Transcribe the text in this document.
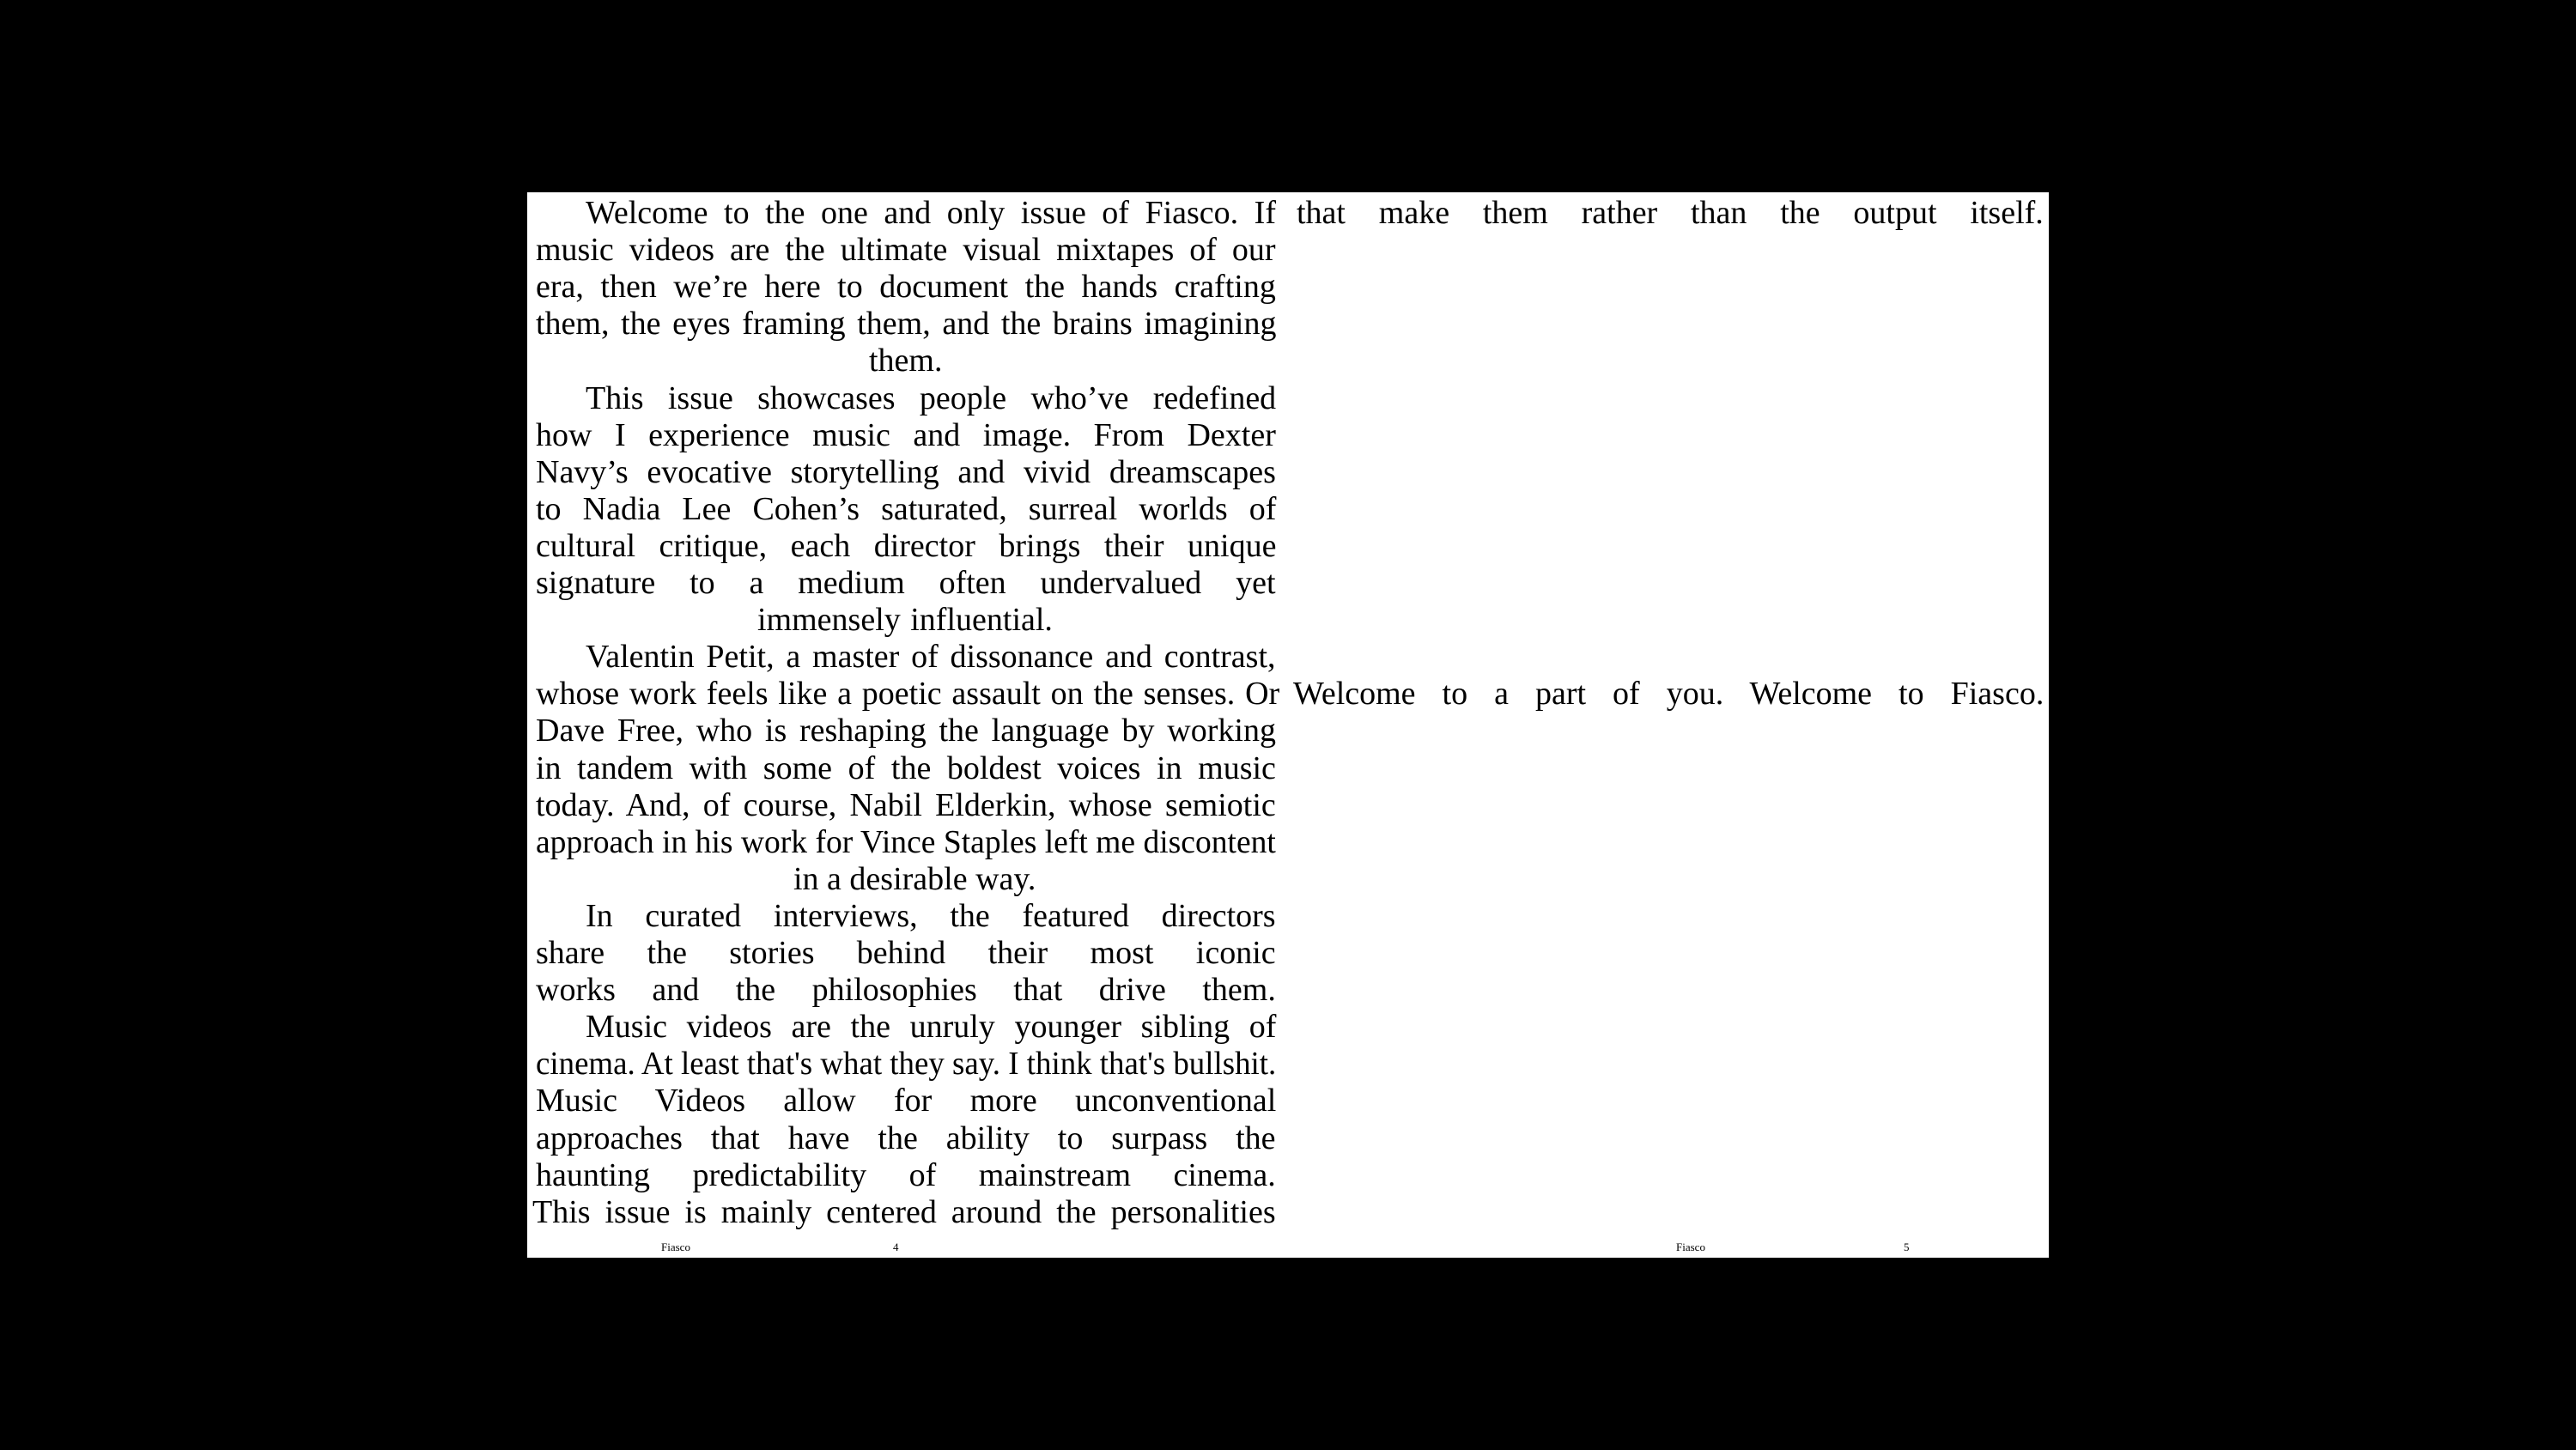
Welcome to the one and only issue of Fiasco. If
music videos are the ultimate visual mixtapes of our
era, then we’re here to document the hands crafting
them, the eyes framing them, and the brains imagining
them.
This issue showcases people who’ve redefined
how I experience music and image. From Dexter
Navy’s evocative storytelling and vivid dreamscapes
to Nadia Lee Cohen’s saturated, surreal worlds of
cultural critique, each director brings their unique
signature to a medium often undervalued yet
immensely influential.
Valentin Petit, a master of dissonance and contrast,
whose work feels like a poetic assault on the senses. Or
Dave Free, who is reshaping the language by working
in tandem with some of the boldest voices in music
today. And, of course, Nabil Elderkin, whose semiotic
approach in his work for Vince Staples left me discontent
in a desirable way.
In curated interviews, the featured directors
share the stories behind their most iconic
works and the philosophies that drive them.
Music videos are the unruly younger sibling of
cinema. At least that's what they say. I think that's bullshit.
Music Videos allow for more unconventional
approaches that have the ability to surpass the
haunting predictability of mainstream cinema.
This issue is mainly centered around the personalities
that make them rather than the output itself.
Welcome to a part of you. Welcome to Fiasco.
Fiasco	4	Fiasco	5
